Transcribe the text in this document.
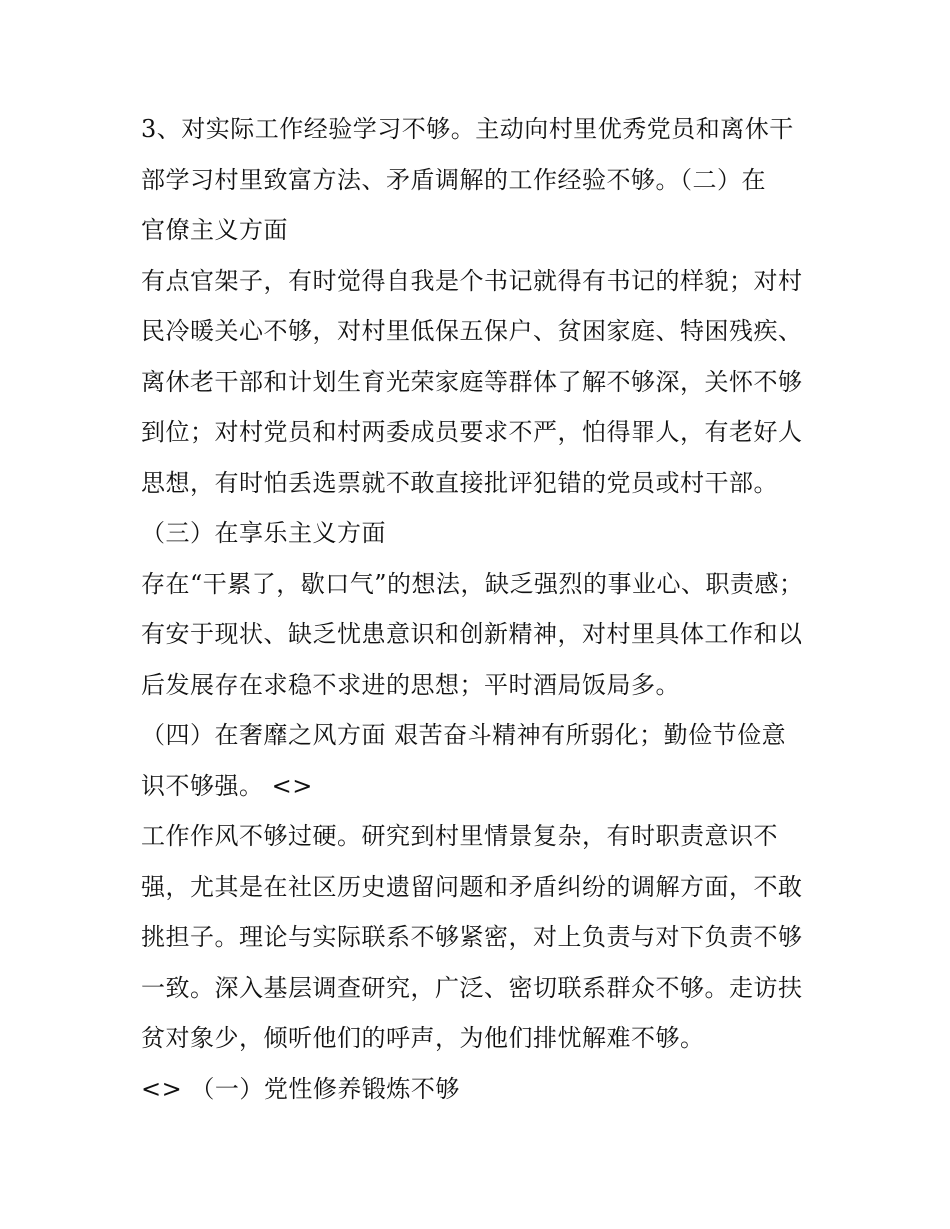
3、对实际工作经验学习不够。主动向村里优秀党员和离休干
部学习村里致富方法、矛盾调解的工作经验不够。（二）在
官僚主义方面
有点官架子，有时觉得自我是个书记就得有书记的样貌；对村
民冷暖关心不够，对村里低保五保户、贫困家庭、特困残疾、
离休老干部和计划生育光荣家庭等群体了解不够深，关怀不够
到位；对村党员和村两委成员要求不严，怕得罪人，有老好人
思想，有时怕丢选票就不敢直接批评犯错的党员或村干部。
（三）在享乐主义方面
存在“干累了，歇口气”的想法，缺乏强烈的事业心、职责感；
有安于现状、缺乏忧患意识和创新精神，对村里具体工作和以
后发展存在求稳不求进的思想；平时酒局饭局多。
（四）在奢靡之风方面 艰苦奋斗精神有所弱化；勤俭节俭意
识不够强。 <>
工作作风不够过硬。研究到村里情景复杂，有时职责意识不
强，尤其是在社区历史遗留问题和矛盾纠纷的调解方面，不敢
挑担子。理论与实际联系不够紧密，对上负责与对下负责不够
一致。深入基层调查研究，广泛、密切联系群众不够。走访扶
贫对象少，倾听他们的呼声，为他们排忧解难不够。
<> （一）党性修养锻炼不够
